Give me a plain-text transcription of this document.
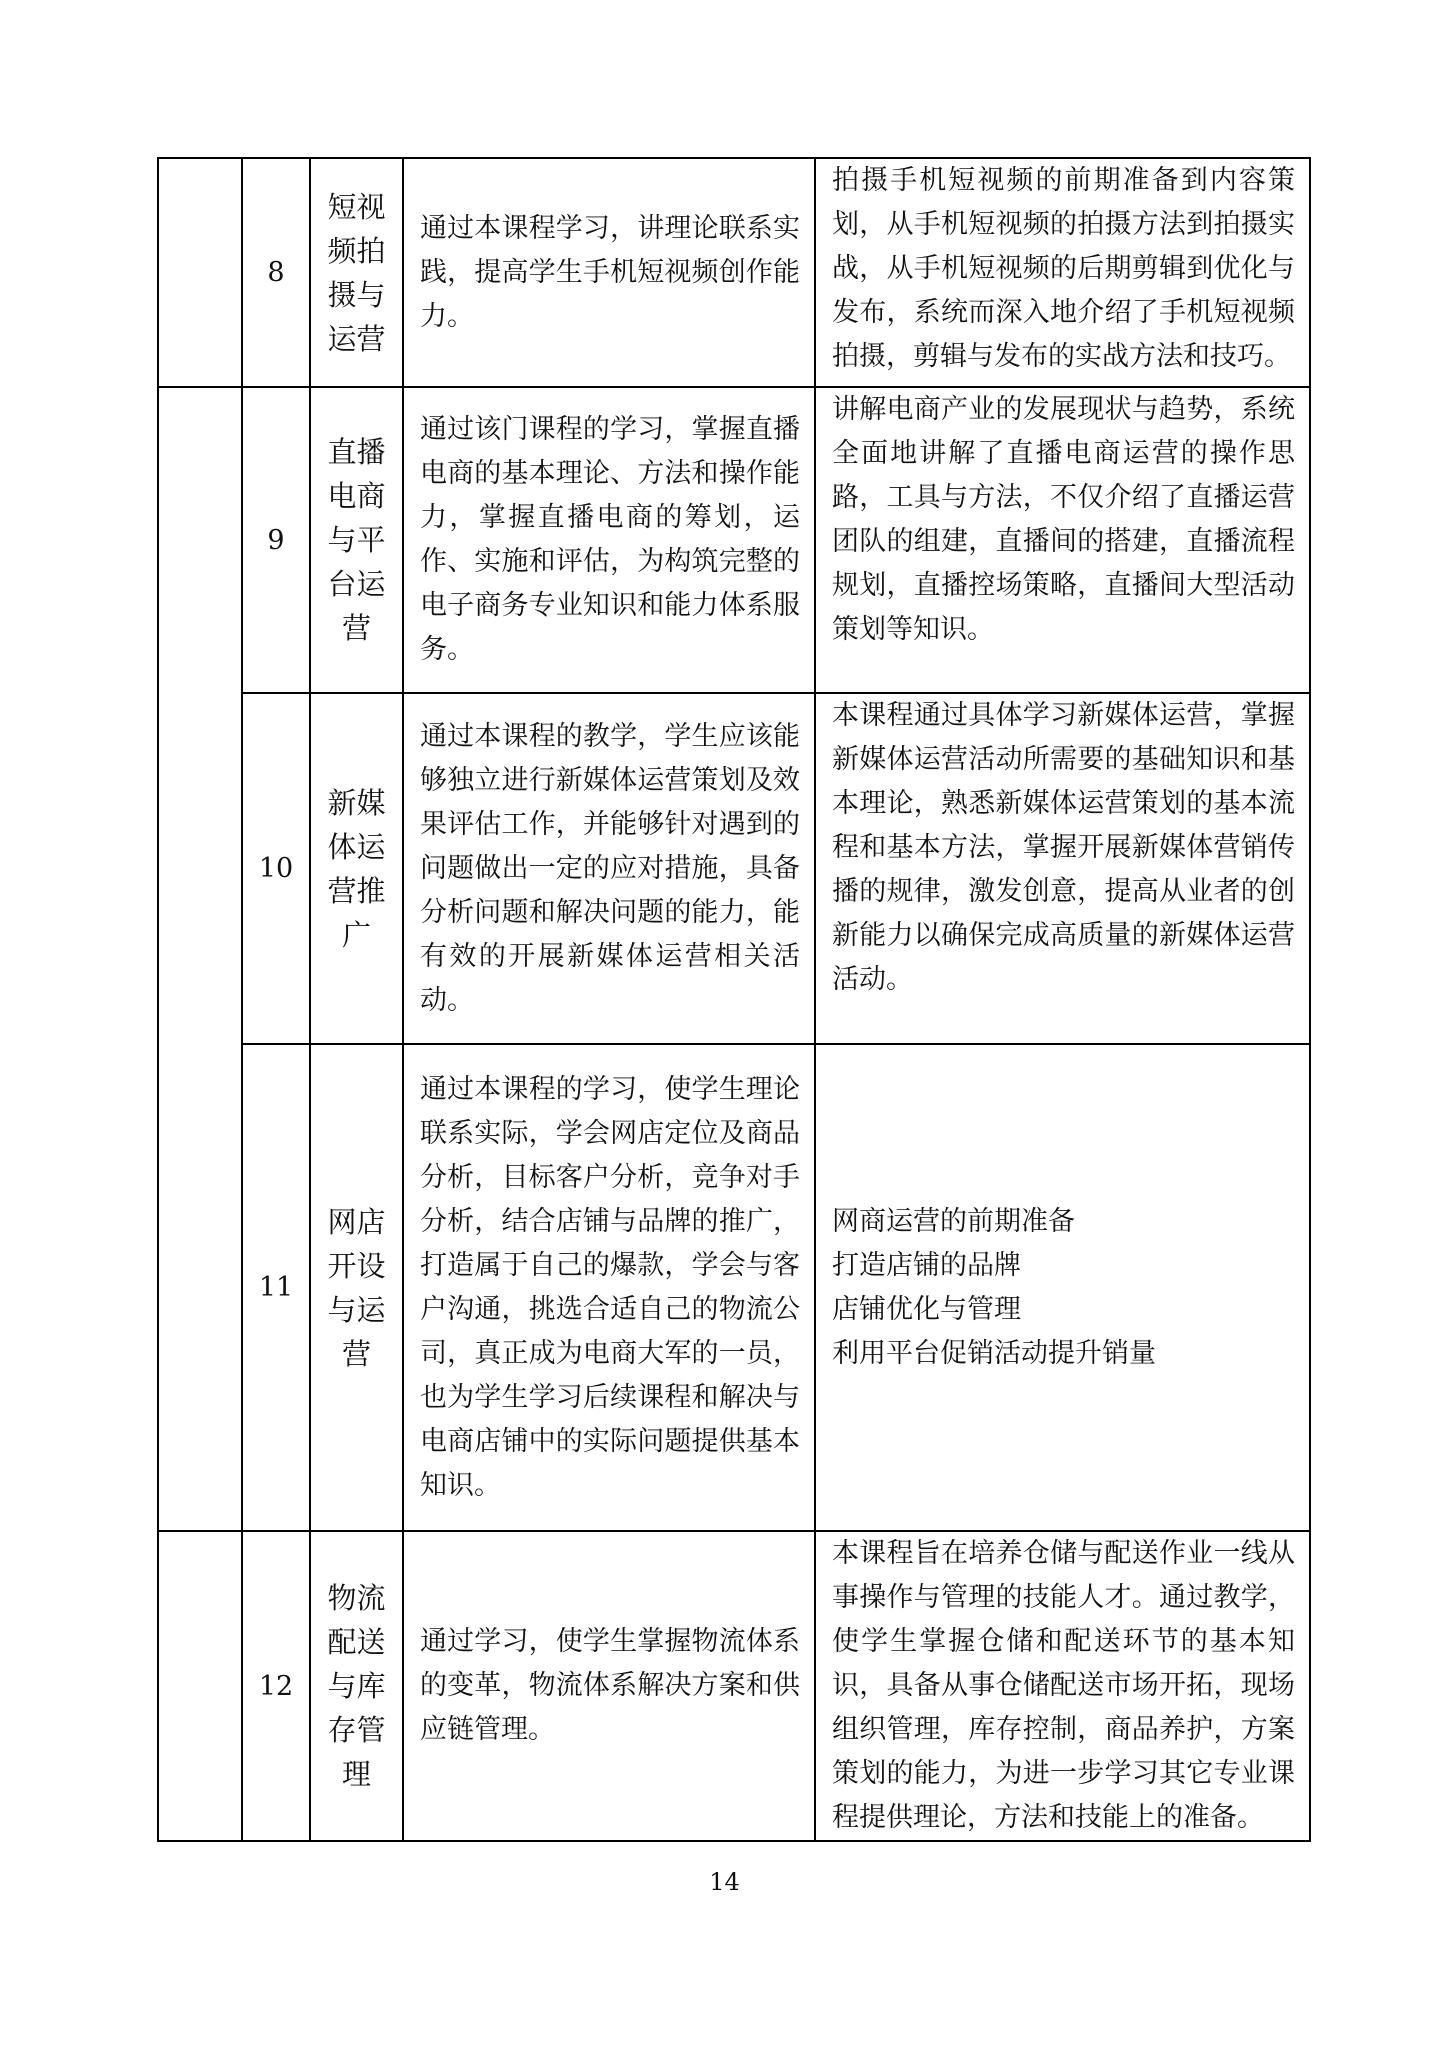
	8	短视频拍摄与运营	通过本课程学习，讲理论联系实践，提高学生手机短视频创作能力。	拍摄手机短视频的前期准备到内容策划，从手机短视频的拍摄方法到拍摄实战，从手机短视频的后期剪辑到优化与发布，系统而深入地介绍了手机短视频拍摄，剪辑与发布的实战方法和技巧。
	9	直播电商与平台运营	通过该门课程的学习，掌握直播电商的基本理论、方法和操作能力，掌握直播电商的筹划，运作、实施和评估，为构筑完整的电子商务专业知识和能力体系服务。	讲解电商产业的发展现状与趋势，系统全面地讲解了直播电商运营的操作思路，工具与方法，不仅介绍了直播运营团队的组建，直播间的搭建，直播流程规划，直播控场策略，直播间大型活动策划等知识。
	10	新媒体运营推广	通过本课程的教学，学生应该能够独立进行新媒体运营策划及效果评估工作，并能够针对遇到的问题做出一定的应对措施，具备分析问题和解决问题的能力，能有效的开展新媒体运营相关活动。	本课程通过具体学习新媒体运营，掌握新媒体运营活动所需要的基础知识和基本理论，熟悉新媒体运营策划的基本流程和基本方法，掌握开展新媒体营销传播的规律，激发创意，提高从业者的创新能力以确保完成高质量的新媒体运营活动。
	11	网店开设与运营	通过本课程的学习，使学生理论联系实际，学会网店定位及商品分析，目标客户分析，竞争对手分析，结合店铺与品牌的推广，打造属于自己的爆款，学会与客户沟通，挑选合适自己的物流公司，真正成为电商大军的一员，也为学生学习后续课程和解决与电商店铺中的实际问题提供基本知识。	网商运营的前期准备
打造店铺的品牌
店铺优化与管理
利用平台促销活动提升销量

	12	物流配送与库存管理	通过学习，使学生掌握物流体系的变革，物流体系解决方案和供应链管理。	本课程旨在培养仓储与配送作业一线从事操作与管理的技能人才。通过教学，使学生掌握仓储和配送环节的基本知识，具备从事仓储配送市场开拓，现场组织管理，库存控制，商品养护，方案策划的能力，为进一步学习其它专业课程提供理论，方法和技能上的准备。
14
